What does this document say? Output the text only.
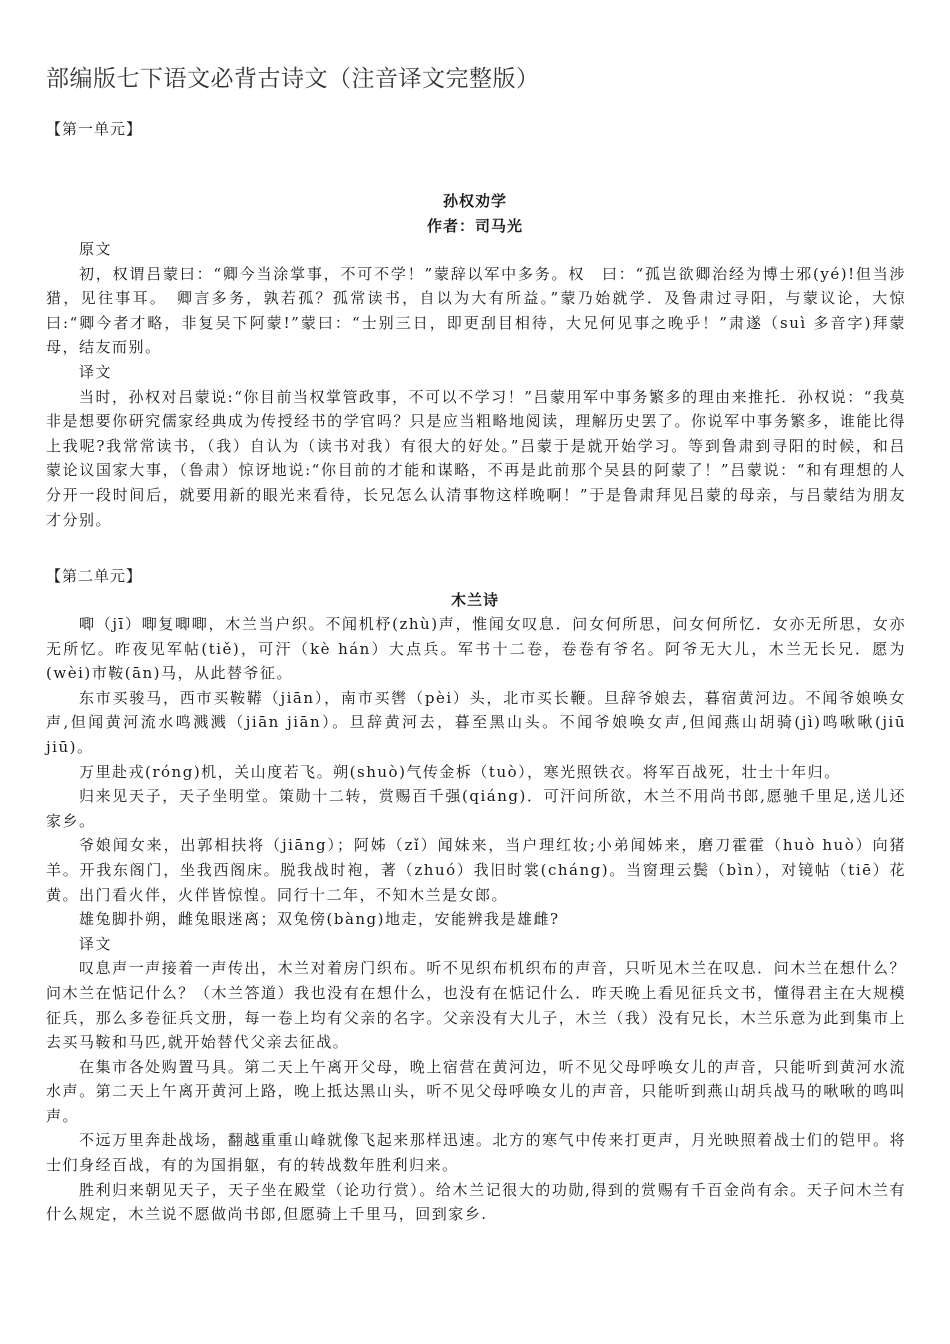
部编版七下语文必背古诗文（注音译文完整版）
【第一单元】
孙权劝学
作者：司马光

原文

初，权谓吕蒙曰：“卿今当涂掌事，不可不学！”蒙辞以军中多务。权　曰：“孤岂欲卿治经为博士邪(yé)!但当涉猎，见往事耳。　卿言多务，孰若孤？孤常读书，自以为大有所益。”蒙乃始就学．及鲁肃过寻阳，与蒙议论，大惊曰:“卿今者才略，非复吴下阿蒙!”蒙曰：“士别三日，即更刮目相待，大兄何见事之晚乎！”肃遂（suì 多音字)拜蒙母，结友而别。

译文

当时，孙权对吕蒙说:“你目前当权掌管政事，不可以不学习！”吕蒙用军中事务繁多的理由来推托．孙权说：“我莫非是想要你研究儒家经典成为传授经书的学官吗？只是应当粗略地阅读，理解历史罢了。你说军中事务繁多，谁能比得上我呢?我常常读书，（我）自认为（读书对我）有很大的好处。”吕蒙于是就开始学习。等到鲁肃到寻阳的时候，和吕蒙论议国家大事，（鲁肃）惊讶地说:“你目前的才能和谋略，不再是此前那个吴县的阿蒙了！”吕蒙说：“和有理想的人分开一段时间后，就要用新的眼光来看待，长兄怎么认清事物这样晚啊！”于是鲁肃拜见吕蒙的母亲，与吕蒙结为朋友才分别。

【第二单元】
木兰诗

唧（jī）唧复唧唧，木兰当户织。不闻机杼(zhù)声，惟闻女叹息．问女何所思，问女何所忆．女亦无所思，女亦无所忆。昨夜见军帖(tiě)，可汗（kè hán）大点兵。军书十二卷，卷卷有爷名。阿爷无大儿，木兰无长兄．愿为(wèi)市鞍(ān)马，从此替爷征。

东市买骏马，西市买鞍鞯（jiān），南市买辔（pèi）头，北市买长鞭。旦辞爷娘去，暮宿黄河边。不闻爷娘唤女声,但闻黄河流水鸣溅溅（jiān jiān）。旦辞黄河去，暮至黑山头。不闻爷娘唤女声,但闻燕山胡骑(jì)鸣啾啾(jiū jiū)。

万里赴戎(róng)机，关山度若飞。朔(shuò)气传金柝（tuò），寒光照铁衣。将军百战死，壮士十年归。

归来见天子，天子坐明堂。策勋十二转，赏赐百千强(qiáng)．可汗问所欲，木兰不用尚书郎,愿驰千里足,送儿还家乡。

爷娘闻女来，出郭相扶将（jiāng）；阿姊（zǐ）闻妹来，当户理红妆;小弟闻姊来，磨刀霍霍（huò huò）向猪羊。开我东阁门，坐我西阁床。脱我战时袍，著（zhuó）我旧时裳(cháng)。当窗理云鬓（bìn），对镜帖（tiē）花黄。出门看火伴，火伴皆惊惶。同行十二年，不知木兰是女郎。

雄兔脚扑朔，雌兔眼迷离；双兔傍(bàng)地走，安能辨我是雄雌?

译文

叹息声一声接着一声传出，木兰对着房门织布。听不见织布机织布的声音，只听见木兰在叹息．问木兰在想什么？问木兰在惦记什么？（木兰答道）我也没有在想什么，也没有在惦记什么．昨天晚上看见征兵文书，懂得君主在大规模征兵，那么多卷征兵文册，每一卷上均有父亲的名字。父亲没有大儿子，木兰（我）没有兄长，木兰乐意为此到集市上去买马鞍和马匹,就开始替代父亲去征战。

在集市各处购置马具。第二天上午离开父母，晚上宿营在黄河边，听不见父母呼唤女儿的声音，只能听到黄河水流水声。第二天上午离开黄河上路，晚上抵达黑山头，听不见父母呼唤女儿的声音，只能听到燕山胡兵战马的啾啾的鸣叫声。

不远万里奔赴战场，翻越重重山峰就像飞起来那样迅速。北方的寒气中传来打更声，月光映照着战士们的铠甲。将士们身经百战，有的为国捐躯，有的转战数年胜利归来。

胜利归来朝见天子，天子坐在殿堂（论功行赏）。给木兰记很大的功勋,得到的赏赐有千百金尚有余。天子问木兰有什么规定，木兰说不愿做尚书郎,但愿骑上千里马，回到家乡.
